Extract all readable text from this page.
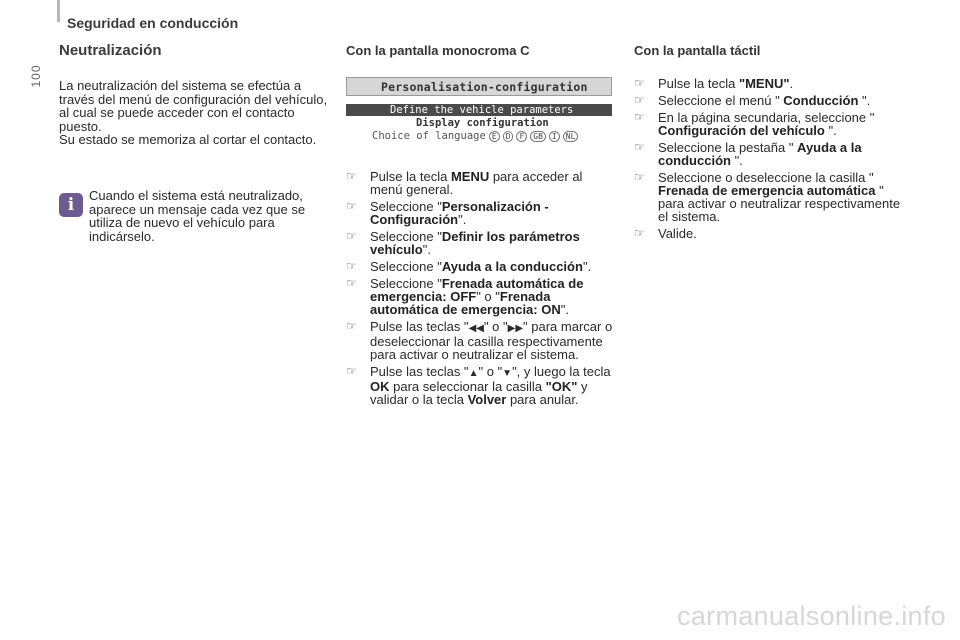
100
Seguridad en conducción
Neutralización

La neutralización del sistema se efectúa a través del menú de configuración del vehículo, al cual se puede acceder con el contacto puesto.

Su estado se memoriza al cortar el contacto.

i	Cuando el sistema está neutralizado, aparece un mensaje cada vez que se utiliza de nuevo el vehículo para indicárselo.

Con la pantalla monocroma C
Personalisation-configuration
Define the vehicle parameters
Display configuration
Choice of language E D F GB I NL
☞ Pulse la tecla MENU para acceder al menú general.
☞ Seleccione "Personalización - Configuración".
☞ Seleccione "Definir los parámetros vehículo".
☞ Seleccione "Ayuda a la conducción".
☞ Seleccione "Frenada automática de emergencia: OFF" o "Frenada automática de emergencia: ON".
☞ Pulse las teclas "◀◀" o "▶▶" para marcar o deseleccionar la casilla respectivamente para activar o neutralizar el sistema.
☞ Pulse las teclas "▲" o "▼", y luego la tecla OK para seleccionar la casilla "OK" y validar o la tecla Volver para anular.
Con la pantalla táctil
☞ Pulse la tecla "MENU".
☞ Seleccione el menú " Conducción ".
☞ En la página secundaria, seleccione " Configuración del vehículo ".
☞ Seleccione la pestaña " Ayuda a la conducción ".
☞ Seleccione o deseleccione la casilla " Frenada de emergencia automática " para activar o neutralizar respectivamente el sistema.
☞ Valide.
carmanualsonline.info
